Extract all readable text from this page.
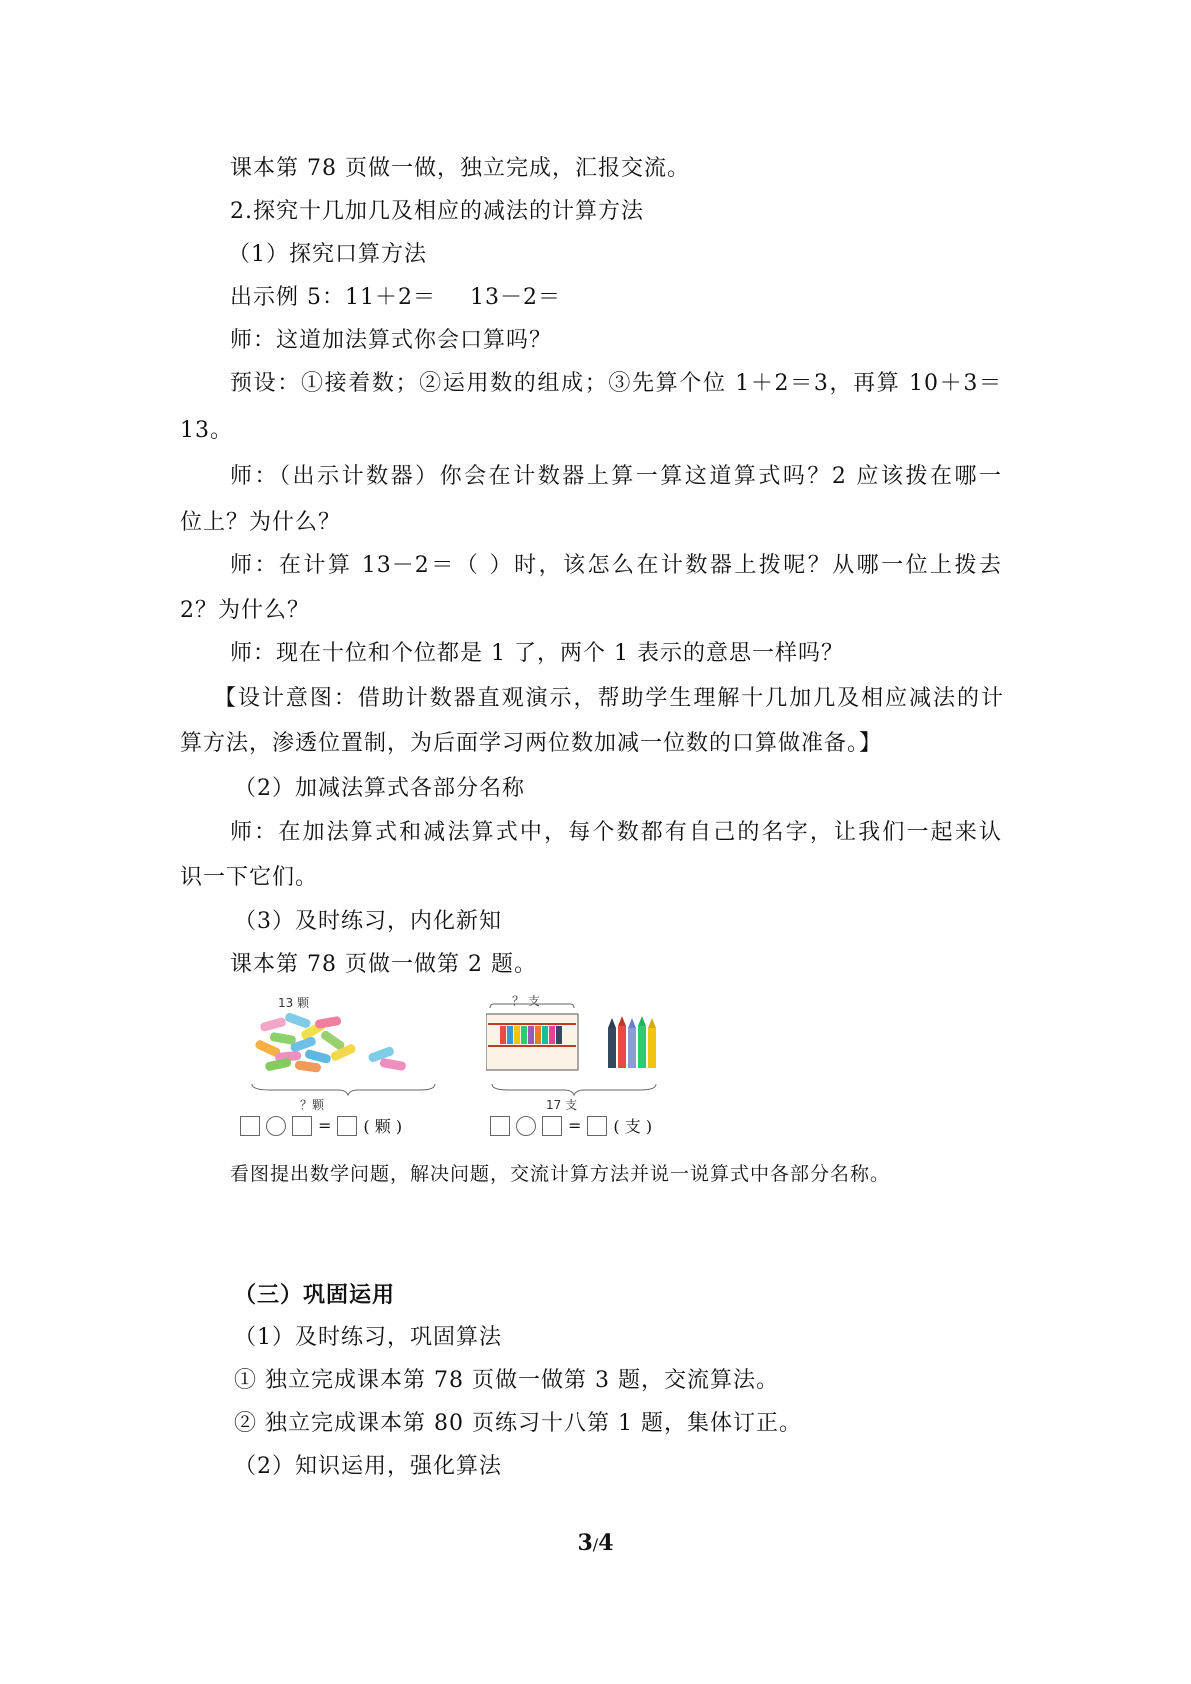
课本第 78 页做一做，独立完成，汇报交流。
2.探究十几加几及相应的减法的计算方法
（1）探究口算方法
出示例 5：11＋2＝ 13－2＝
师：这道加法算式你会口算吗？
预设：①接着数；②运用数的组成；③先算个位 1＋2＝3，再算 10＋3＝
13。
师：（出示计数器）你会在计数器上算一算这道算式吗？2 应该拨在哪一
位上？为什么？
师：在计算 13－2＝（ ）时，该怎么在计数器上拨呢？从哪一位上拨去
2？为什么？
师：现在十位和个位都是 1 了，两个 1 表示的意思一样吗？
【设计意图：借助计数器直观演示，帮助学生理解十几加几及相应减法的计
算方法，渗透位置制，为后面学习两位数加减一位数的口算做准备。】
（2）加减法算式各部分名称
师：在加法算式和减法算式中，每个数都有自己的名字，让我们一起来认
识一下它们。
（3）及时练习，内化新知
课本第 78 页做一做第 2 题。
13 颗
？颗
= ( 颗 )
？ 支
17 支
= ( 支 )
看图提出数学问题，解决问题，交流计算方法并说一说算式中各部分名称。
（三）巩固运用
（1）及时练习，巩固算法
① 独立完成课本第 78 页做一做第 3 题，交流算法。
② 独立完成课本第 80 页练习十八第 1 题，集体订正。
（2）知识运用，强化算法
3/4
